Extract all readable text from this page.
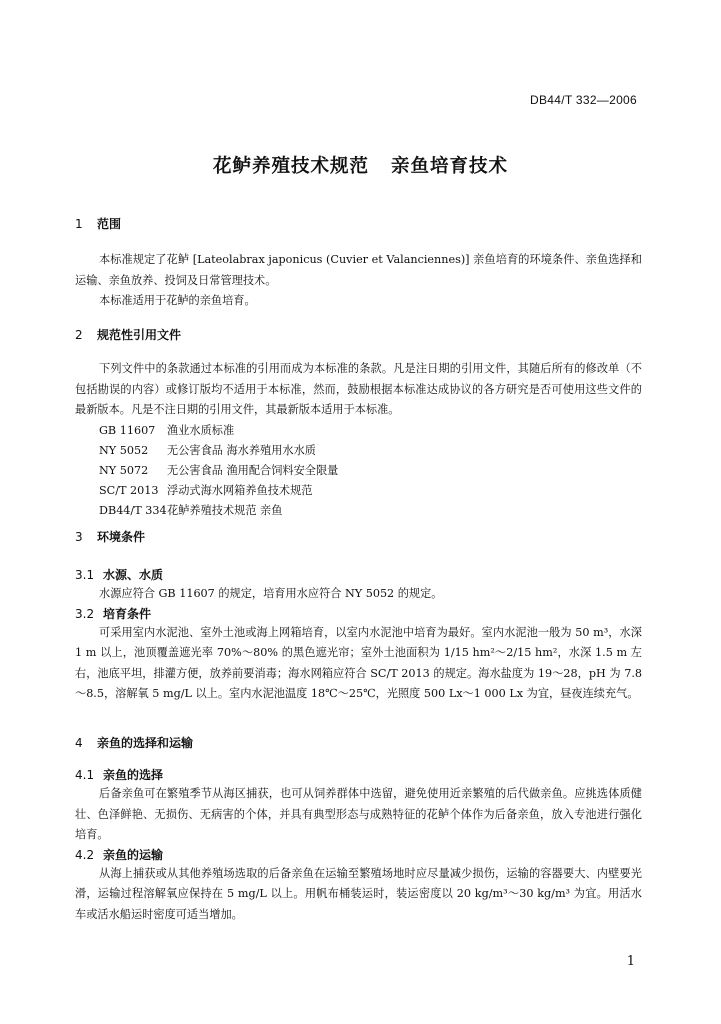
DB44/T 332—2006
花鲈养殖技术规范 亲鱼培育技术
1 范围

本标准规定了花鲈 [Lateolabrax japonicus (Cuvier et Valanciennes)] 亲鱼培育的环境条件、亲鱼选择和运输、亲鱼放养、投饲及日常管理技术。

本标准适用于花鲈的亲鱼培育。

2 规范性引用文件

下列文件中的条款通过本标准的引用而成为本标准的条款。凡是注日期的引用文件，其随后所有的修改单（不包括勘误的内容）或修订版均不适用于本标准，然而，鼓励根据本标准达成协议的各方研究是否可使用这些文件的最新版本。凡是不注日期的引用文件，其最新版本适用于本标准。

GB 11607 渔业水质标准

NY 5052 无公害食品 海水养殖用水水质

NY 5072 无公害食品 渔用配合饲料安全限量

SC/T 2013 浮动式海水网箱养鱼技术规范

DB44/T 334花鲈养殖技术规范 亲鱼

3 环境条件
3.1 水源、水质

水源应符合 GB 11607 的规定，培育用水应符合 NY 5052 的规定。

3.2 培育条件

可采用室内水泥池、室外土池或海上网箱培育，以室内水泥池中培育为最好。室内水泥池一般为 50 m³，水深 1 m 以上，池顶覆盖遮光率 70%～80% 的黑色遮光帘；室外土池面积为 1/15 hm²～2/15 hm²，水深 1.5 m 左右，池底平坦，排灌方便，放养前要消毒；海水网箱应符合 SC/T 2013 的规定。海水盐度为 19～28，pH 为 7.8～8.5，溶解氧 5 mg/L 以上。室内水泥池温度 18℃～25℃，光照度 500 Lx～1 000 Lx 为宜，昼夜连续充气。

4 亲鱼的选择和运输
4.1 亲鱼的选择

后备亲鱼可在繁殖季节从海区捕获，也可从饲养群体中选留，避免使用近亲繁殖的后代做亲鱼。应挑选体质健壮、色泽鲜艳、无损伤、无病害的个体，并具有典型形态与成熟特征的花鲈个体作为后备亲鱼，放入专池进行强化培育。

4.2 亲鱼的运输

从海上捕获或从其他养殖场选取的后备亲鱼在运输至繁殖场地时应尽量减少损伤，运输的容器要大、内壁要光滑，运输过程溶解氧应保持在 5 mg/L 以上。用帆布桶装运时，装运密度以 20 kg/m³～30 kg/m³ 为宜。用活水车或活水船运时密度可适当增加。

1
